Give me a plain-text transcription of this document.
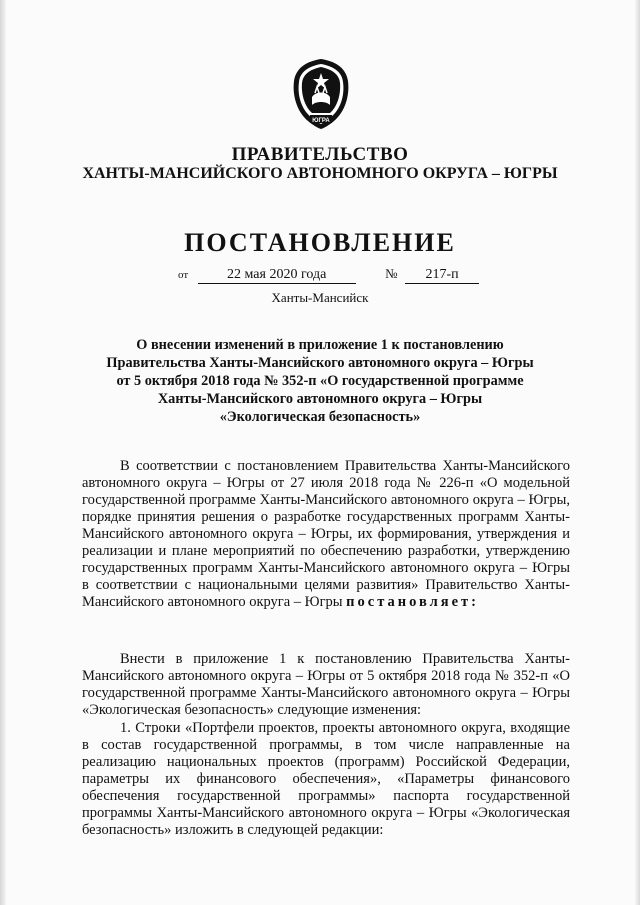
ЮГРА
ПРАВИТЕЛЬСТВО
ХАНТЫ-МАНСИЙСКОГО АВТОНОМНОГО ОКРУГА – ЮГРЫ
ПОСТАНОВЛЕНИЕ
от	22 мая 2020 года	№ 217-п
Ханты-Мансийск
О внесении изменений в приложение 1 к постановлению
Правительства Ханты-Мансийского автономного округа – Югры
от 5 октября 2018 года № 352-п «О государственной программе
Ханты-Мансийского автономного округа – Югры
«Экологическая безопасность»

В соответствии с постановлением Правительства Ханты-Мансийского автономного округа – Югры от 27 июля 2018 года № 226-п «О модельной государственной программе Ханты-Мансийского автономного округа – Югры, порядке принятия решения о разработке государственных программ Ханты-Мансийского автономного округа – Югры, их формирования, утверждения и реализации и плане мероприятий по обеспечению разработки, утверждению государственных программ Ханты-Мансийского автономного округа – Югры в соответствии с национальными целями развития» Правительство Ханты-Мансийского автономного округа – Югры постановляет:

Внести в приложение 1 к постановлению Правительства Ханты-Мансийского автономного округа – Югры от 5 октября 2018 года № 352-п «О государственной программе Ханты-Мансийского автономного округа – Югры «Экологическая безопасность» следующие изменения:

1. Строки «Портфели проектов, проекты автономного округа, входящие в состав государственной программы, в том числе направленные на реализацию национальных проектов (программ) Российской Федерации, параметры их финансового обеспечения», «Параметры финансового обеспечения государственной программы» паспорта государственной программы Ханты-Мансийского автономного округа – Югры «Экологическая безопасность» изложить в следующей редакции:
